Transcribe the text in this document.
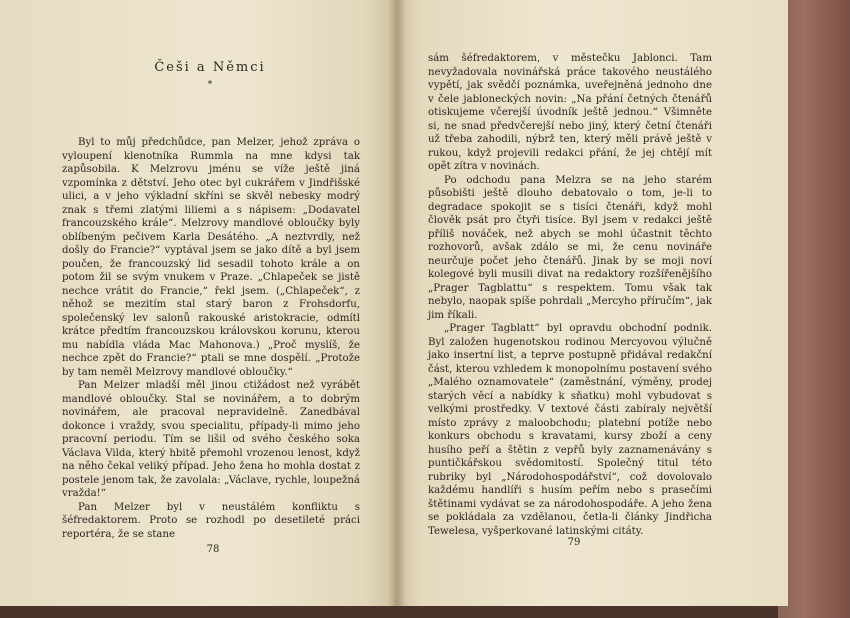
Češi a Němci
*

Byl to můj předchůdce, pan Melzer, jehož zpráva o vyloupení klenotníka Rummla na mne kdysi tak zapůsobila. K Melzrovu jménu se víže ještě jiná vzpomínka z dětství. Jeho otec byl cukrářem v Jindřišské ulici, a v jeho výkladní skříni se skvěl nebesky modrý znak s třemi zlatými liliemi a s nápisem: „Dodavatel francouzského krále“. Melzrovy mandlové obloučky byly oblíbeným pečivem Karla Desátého. „A neztvrdly, než došly do Francie?“ vyptával jsem se jako dítě a byl jsem poučen, že francouzský lid sesadil tohoto krále a on potom žil se svým vnukem v Praze. „Chlapeček se jistě nechce vrátit do Francie,“ řekl jsem. („Chlapeček“, z něhož se mezitím stal starý baron z Frohsdorfu, společenský lev salonů rakouské aristokracie, odmítl krátce předtím francouzskou královskou korunu, kterou mu nabídla vláda Mac Mahonova.) „Proč myslíš, že nechce zpět do Francie?“ ptali se mne dospělí. „Protože by tam neměl Melzrovy mandlové obloučky.“

Pan Melzer mladší měl jinou ctižádost než vyrábět mandlové obloučky. Stal se novinářem, a to dobrým novinářem, ale pracoval nepravidelně. Zanedbával dokonce i vraždy, svou specialitu, případy-li mimo jeho pracovní periodu. Tím se lišil od svého českého soka Václava Vilda, který hbitě přemohl vrozenou lenost, když na něho čekal veliký případ. Jeho žena ho mohla dostat z postele jenom tak, že zavolala: „Václave, rychle, loupežná vražda!“

Pan Melzer byl v neustálém konfliktu s šéfredaktorem. Proto se rozhodl po desetileté práci reportéra, že se stane

78

sám šéfredaktorem, v městečku Jablonci. Tam nevyžadovala novinářská práce takového neustálého vypětí, jak svědčí poznámka, uveřejněná jednoho dne v čele jabloneckých novin: „Na přání četných čtenářů otiskujeme včerejší úvodník ještě jednou.“ Všimněte si, ne snad předvčerejší nebo jiný, který četní čtenáři už třeba zahodili, nýbrž ten, který měli právě ještě v rukou, když projevili redakci přání, že jej chtějí mít opět zítra v novinách.

Po odchodu pana Melzra se na jeho starém působišti ještě dlouho debatovalo o tom, je-li to degradace spokojit se s tisíci čtenáři, když mohl člověk psát pro čtyři tisíce. Byl jsem v redakci ještě příliš nováček, než abych se mohl účastnit těchto rozhovorů, avšak zdálo se mi, že cenu novináře neurčuje počet jeho čtenářů. Jinak by se moji noví kolegové byli musili divat na redaktory rozšířenějšího „Prager Tagblattu“ s respektem. Tomu však tak nebylo, naopak spíše pohrdali „Mercyho příručím“, jak jim říkali.

„Prager Tagblatt“ byl opravdu obchodní podnik. Byl založen hugenotskou rodinou Mercyovou výlučně jako insertní list, a teprve postupně přidával redakční část, kterou vzhledem k monopolnímu postavení svého „Malého oznamovatele“ (zaměstnání, výměny, prodej starých věcí a nabídky k sňatku) mohl vybudovat s velkými prostředky. V textové části zabíraly největší místo zprávy z maloobchodu; platební potíže nebo konkurs obchodu s kravatami, kursy zboží a ceny husího peří a štětin z vepřů byly zaznamenávány s puntičkářskou svědomitostí. Společný titul této rubriky byl „Národohospodářství“, což dovolovalo každému handlíři s husím peřím nebo s prasečími štětinami vydávat se za národohospodáře. A jeho žena se pokládala za vzdělanou, četla-li články Jindřicha Tewelesa, vyšperkované latinskými citáty.

79
